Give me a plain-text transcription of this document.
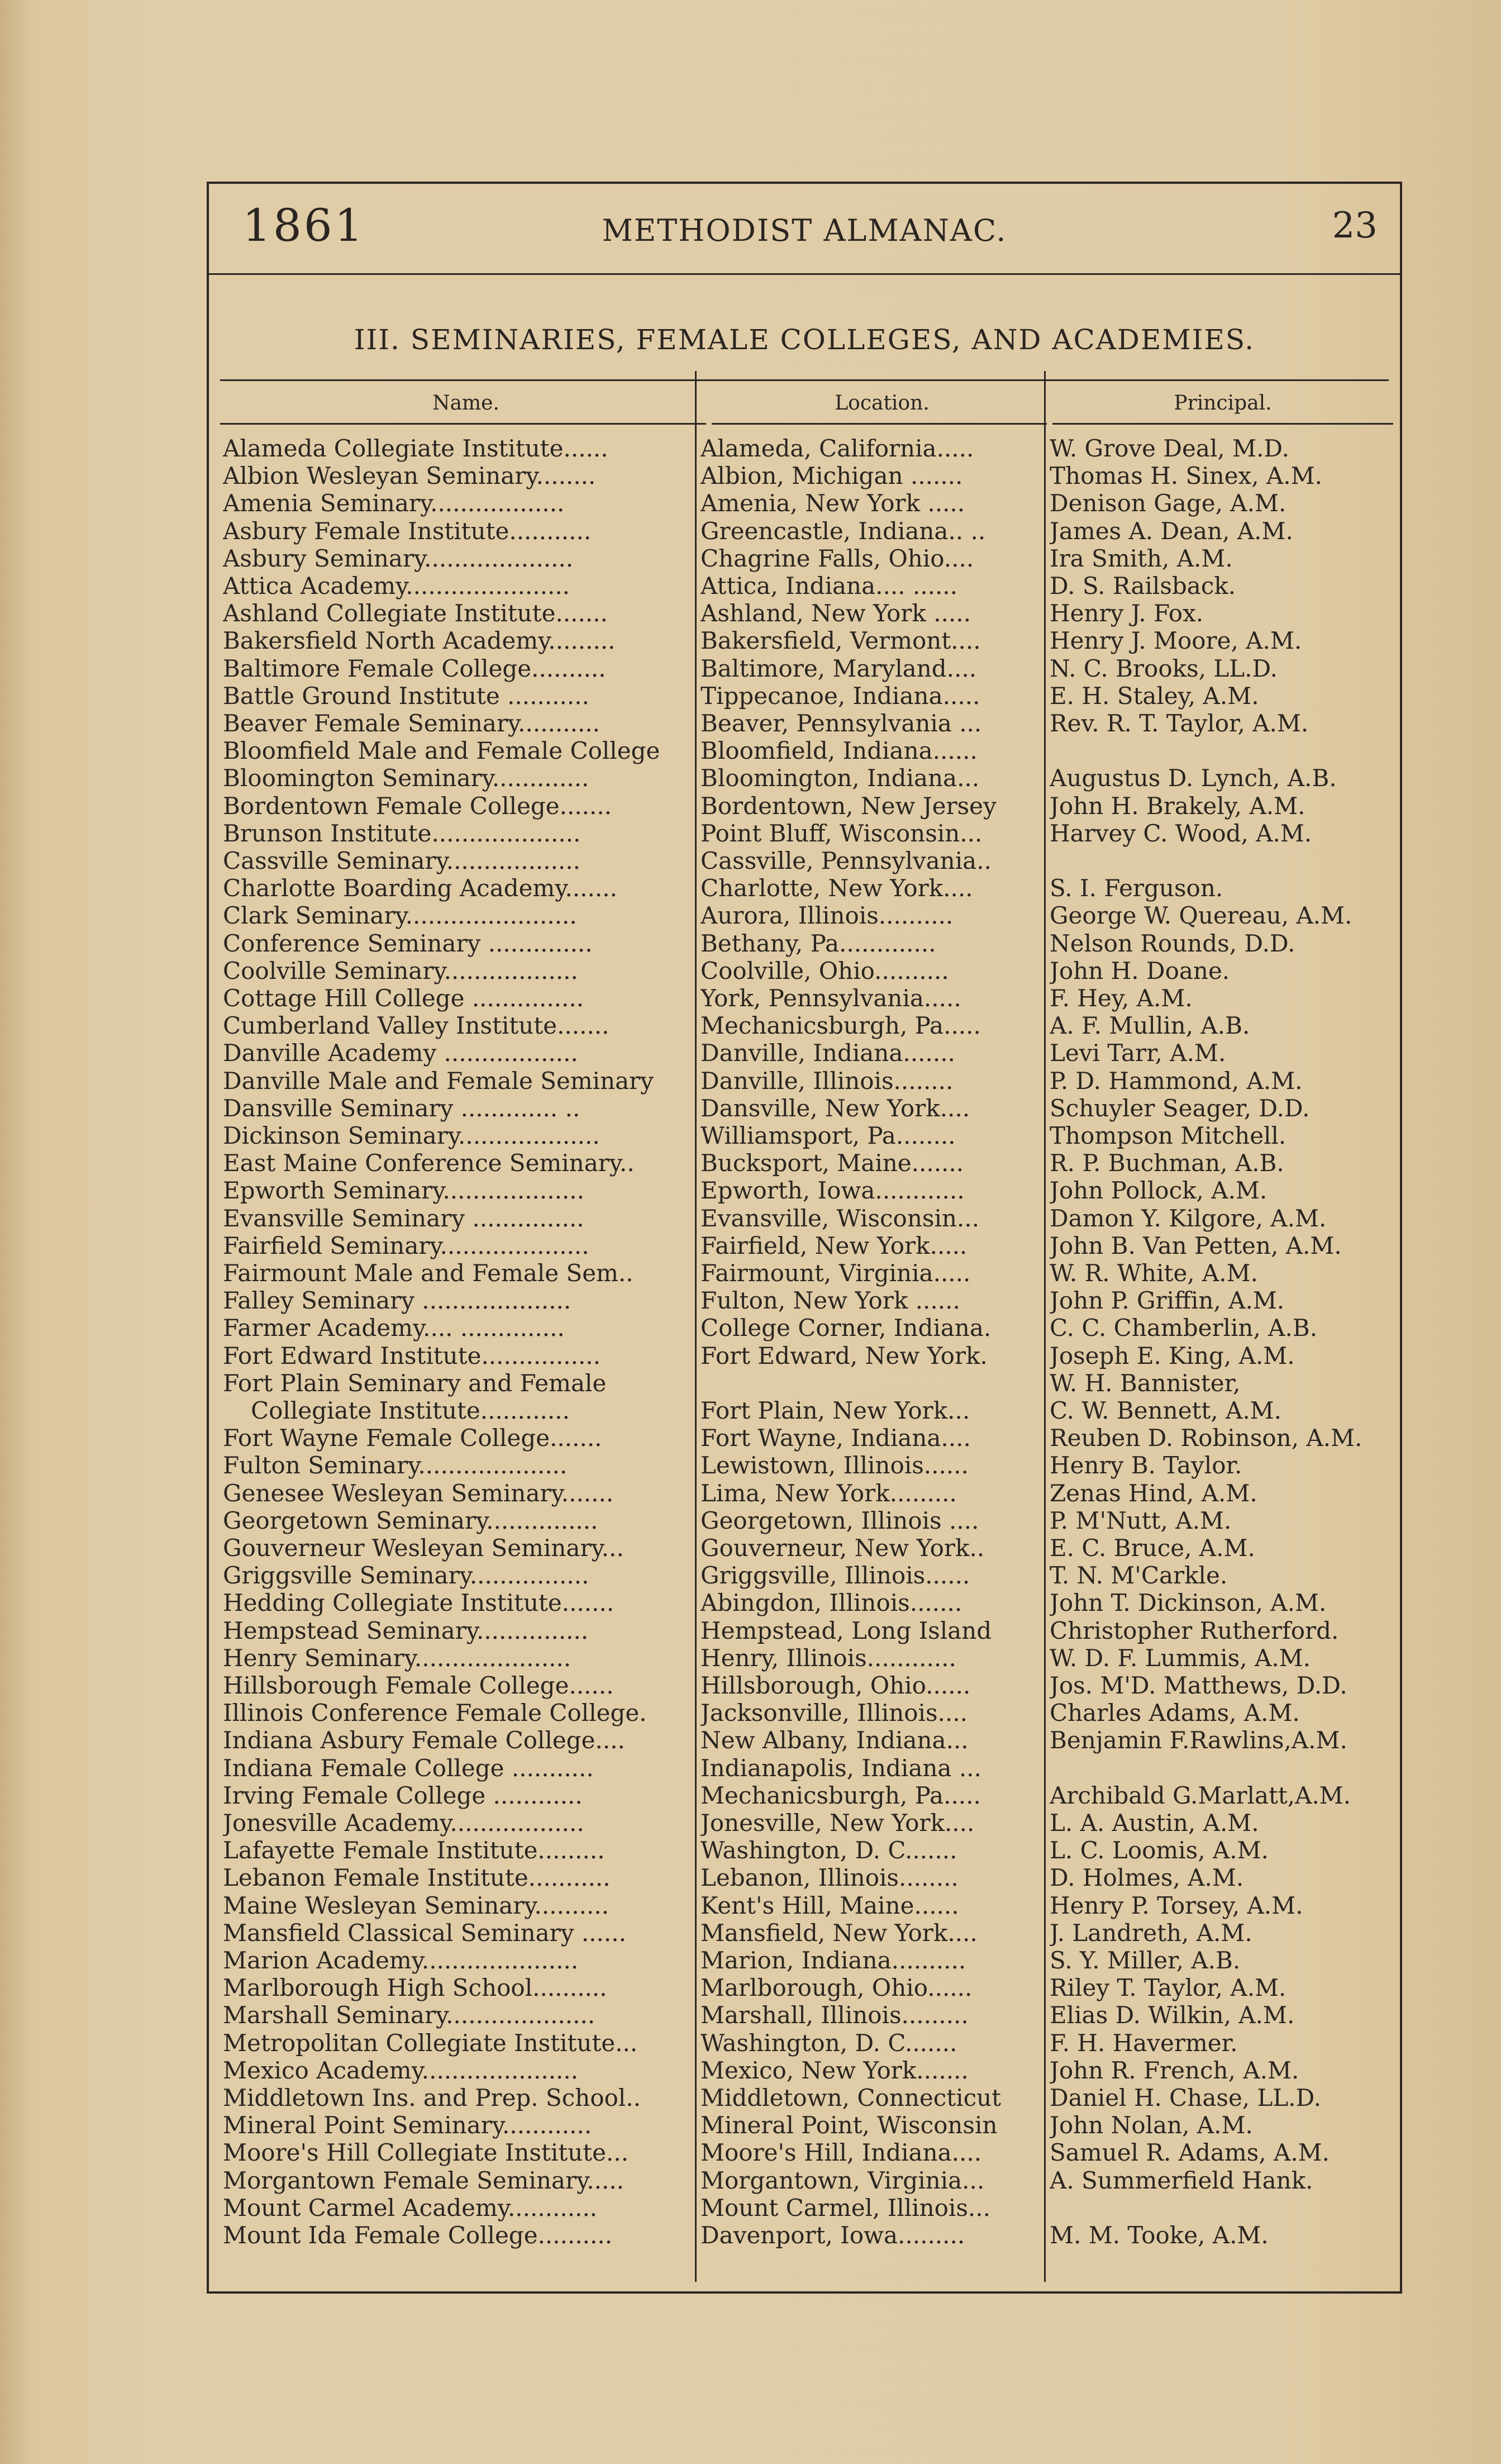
1861	METHODIST ALMANAC.	23
III. SEMINARIES, FEMALE COLLEGES, AND ACADEMIES.
Name.	Location.	Principal.
Alameda Collegiate Institute......	Alameda, California.....	W. Grove Deal, M.D.
Albion Wesleyan Seminary........	Albion, Michigan .......	Thomas H. Sinex, A.M.
Amenia Seminary..................	Amenia, New York .....	Denison Gage, A.M.
Asbury Female Institute...........	Greencastle, Indiana.. ..	James A. Dean, A.M.
Asbury Seminary....................	Chagrine Falls, Ohio....	Ira Smith, A.M.
Attica Academy......................	Attica, Indiana.... ......	D. S. Railsback.
Ashland Collegiate Institute.......	Ashland, New York .....	Henry J. Fox.
Bakersfield North Academy.........	Bakersfield, Vermont....	Henry J. Moore, A.M.
Baltimore Female College..........	Baltimore, Maryland....	N. C. Brooks, LL.D.
Battle Ground Institute ...........	Tippecanoe, Indiana.....	E. H. Staley, A.M.
Beaver Female Seminary...........	Beaver, Pennsylvania ...	Rev. R. T. Taylor, A.M.
Bloomfield Male and Female College	Bloomfield, Indiana......
Bloomington Seminary.............	Bloomington, Indiana...	Augustus D. Lynch, A.B.
Bordentown Female College.......	Bordentown, New Jersey	John H. Brakely, A.M.
Brunson Institute....................	Point Bluff, Wisconsin...	Harvey C. Wood, A.M.
Cassville Seminary..................	Cassville, Pennsylvania..
Charlotte Boarding Academy.......	Charlotte, New York....	S. I. Ferguson.
Clark Seminary.......................	Aurora, Illinois..........	George W. Quereau, A.M.
Conference Seminary ..............	Bethany, Pa.............	Nelson Rounds, D.D.
Coolville Seminary..................	Coolville, Ohio..........	John H. Doane.
Cottage Hill College ...............	York, Pennsylvania.....	F. Hey, A.M.
Cumberland Valley Institute.......	Mechanicsburgh, Pa.....	A. F. Mullin, A.B.
Danville Academy ..................	Danville, Indiana.......	Levi Tarr, A.M.
Danville Male and Female Seminary	Danville, Illinois........	P. D. Hammond, A.M.
Dansville Seminary ............. ..	Dansville, New York....	Schuyler Seager, D.D.
Dickinson Seminary...................	Williamsport, Pa........	Thompson Mitchell.
East Maine Conference Seminary..	Bucksport, Maine.......	R. P. Buchman, A.B.
Epworth Seminary...................	Epworth, Iowa............	John Pollock, A.M.
Evansville Seminary ...............	Evansville, Wisconsin...	Damon Y. Kilgore, A.M.
Fairfield Seminary....................	Fairfield, New York.....	John B. Van Petten, A.M.
Fairmount Male and Female Sem..	Fairmount, Virginia.....	W. R. White, A.M.
Falley Seminary ....................	Fulton, New York ......	John P. Griffin, A.M.
Farmer Academy.... ..............	College Corner, Indiana.	C. C. Chamberlin, A.B.
Fort Edward Institute................	Fort Edward, New York.	Joseph E. King, A.M.
Fort Plain Seminary and Female	W. H. Bannister,
Collegiate Institute............	Fort Plain, New York...	C. W. Bennett, A.M.
Fort Wayne Female College.......	Fort Wayne, Indiana....	Reuben D. Robinson, A.M.
Fulton Seminary....................	Lewistown, Illinois......	Henry B. Taylor.
Genesee Wesleyan Seminary.......	Lima, New York.........	Zenas Hind, A.M.
Georgetown Seminary...............	Georgetown, Illinois ....	P. M'Nutt, A.M.
Gouverneur Wesleyan Seminary...	Gouverneur, New York..	E. C. Bruce, A.M.
Griggsville Seminary................	Griggsville, Illinois......	T. N. M'Carkle.
Hedding Collegiate Institute.......	Abingdon, Illinois.......	John T. Dickinson, A.M.
Hempstead Seminary...............	Hempstead, Long Island	Christopher Rutherford.
Henry Seminary.....................	Henry, Illinois............	W. D. F. Lummis, A.M.
Hillsborough Female College......	Hillsborough, Ohio......	Jos. M'D. Matthews, D.D.
Illinois Conference Female College.	Jacksonville, Illinois....	Charles Adams, A.M.
Indiana Asbury Female College....	New Albany, Indiana...	Benjamin F.Rawlins,A.M.
Indiana Female College ...........	Indianapolis, Indiana ...
Irving Female College ............	Mechanicsburgh, Pa.....	Archibald G.Marlatt,A.M.
Jonesville Academy..................	Jonesville, New York....	L. A. Austin, A.M.
Lafayette Female Institute.........	Washington, D. C.......	L. C. Loomis, A.M.
Lebanon Female Institute...........	Lebanon, Illinois........	D. Holmes, A.M.
Maine Wesleyan Seminary..........	Kent's Hill, Maine......	Henry P. Torsey, A.M.
Mansfield Classical Seminary ......	Mansfield, New York....	J. Landreth, A.M.
Marion Academy.....................	Marion, Indiana..........	S. Y. Miller, A.B.
Marlborough High School..........	Marlborough, Ohio......	Riley T. Taylor, A.M.
Marshall Seminary....................	Marshall, Illinois.........	Elias D. Wilkin, A.M.
Metropolitan Collegiate Institute...	Washington, D. C.......	F. H. Havermer.
Mexico Academy.....................	Mexico, New York.......	John R. French, A.M.
Middletown Ins. and Prep. School..	Middletown, Connecticut	Daniel H. Chase, LL.D.
Mineral Point Seminary............	Mineral Point, Wisconsin	John Nolan, A.M.
Moore's Hill Collegiate Institute...	Moore's Hill, Indiana....	Samuel R. Adams, A.M.
Morgantown Female Seminary.....	Morgantown, Virginia...	A. Summerfield Hank.
Mount Carmel Academy............	Mount Carmel, Illinois...
Mount Ida Female College..........	Davenport, Iowa.........	M. M. Tooke, A.M.
